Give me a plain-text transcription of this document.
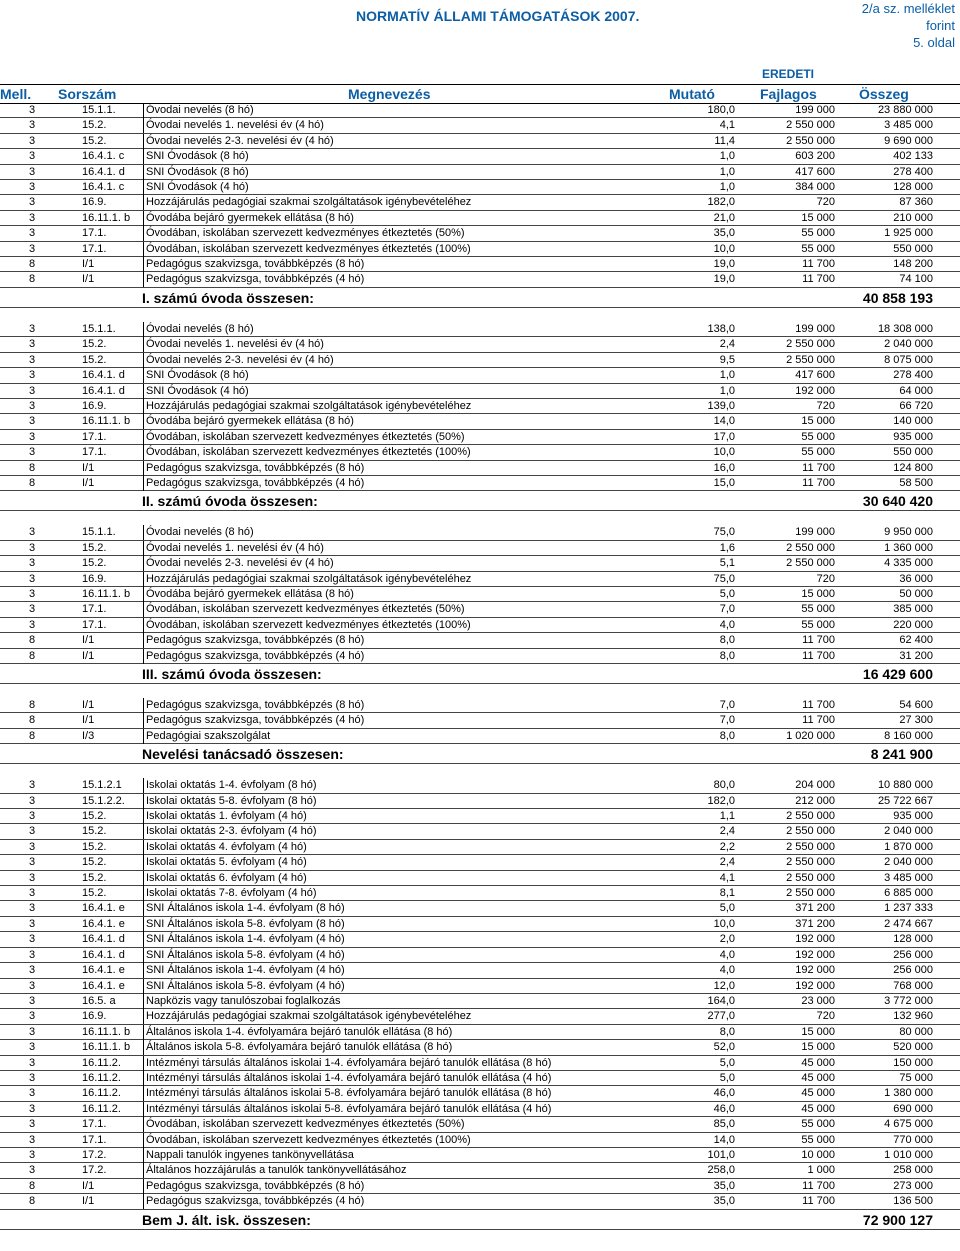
NORMATÍV ÁLLAMI TÁMOGATÁSOK 2007.	2/a sz. melléklet
forint
5. oldal
EREDETI
Mell. Sorszám	Megnevezés	Mutató	Fajlagos	Összeg
3	15.1.1.	Óvodai nevelés (8 hó)	180,0	199 000	23 880 000
3	15.2.	Óvodai nevelés 1. nevelési év (4 hó)	4,1	2 550 000	3 485 000
3	15.2.	Óvodai nevelés 2-3. nevelési év (4 hó)	11,4	2 550 000	9 690 000
3	16.4.1. c SNI Óvodások (8 hó)	1,0	603 200	402 133
3	16.4.1. d SNI Óvodások (8 hó)	1,0	417 600	278 400
3	16.4.1. c SNI Óvodások (4 hó)	1,0	384 000	128 000
3	16.9.	Hozzájárulás pedagógiai szakmai szolgáltatások igénybevételéhez	182,0	720	87 360
3	16.11.1. b Óvodába bejáró gyermekek ellátása (8 hó)	21,0	15 000	210 000
3	17.1.	Óvodában, iskolában szervezett kedvezményes étkeztetés (50%)	35,0	55 000	1 925 000
3	17.1.	Óvodában, iskolában szervezett kedvezményes étkeztetés (100%)	10,0	55 000	550 000
8	I/1	Pedagógus szakvizsga, továbbképzés (8 hó)	19,0	11 700	148 200
8	I/1	Pedagógus szakvizsga, továbbképzés (4 hó)	19,0	11 700	74 100
I. számú óvoda összesen:	40 858 193
3	15.1.1.	Óvodai nevelés (8 hó)	138,0	199 000	18 308 000
3	15.2.	Óvodai nevelés 1. nevelési év (4 hó)	2,4	2 550 000	2 040 000
3	15.2.	Óvodai nevelés 2-3. nevelési év (4 hó)	9,5	2 550 000	8 075 000
3	16.4.1. d SNI Óvodások (8 hó)	1,0	417 600	278 400
3	16.4.1. d SNI Óvodások (4 hó)	1,0	192 000	64 000
3	16.9.	Hozzájárulás pedagógiai szakmai szolgáltatások igénybevételéhez	139,0	720	66 720
3	16.11.1. b Óvodába bejáró gyermekek ellátása (8 hó)	14,0	15 000	140 000
3	17.1.	Óvodában, iskolában szervezett kedvezményes étkeztetés (50%)	17,0	55 000	935 000
3	17.1.	Óvodában, iskolában szervezett kedvezményes étkeztetés (100%)	10,0	55 000	550 000
8	I/1	Pedagógus szakvizsga, továbbképzés (8 hó)	16,0	11 700	124 800
8	I/1	Pedagógus szakvizsga, továbbképzés (4 hó)	15,0	11 700	58 500
II. számú óvoda összesen:	30 640 420
3	15.1.1.	Óvodai nevelés (8 hó)	75,0	199 000	9 950 000
3	15.2.	Óvodai nevelés 1. nevelési év (4 hó)	1,6	2 550 000	1 360 000
3	15.2.	Óvodai nevelés 2-3. nevelési év (4 hó)	5,1	2 550 000	4 335 000
3	16.9.	Hozzájárulás pedagógiai szakmai szolgáltatások igénybevételéhez	75,0	720	36 000
3	16.11.1. b Óvodába bejáró gyermekek ellátása (8 hó)	5,0	15 000	50 000
3	17.1.	Óvodában, iskolában szervezett kedvezményes étkeztetés (50%)	7,0	55 000	385 000
3	17.1.	Óvodában, iskolában szervezett kedvezményes étkeztetés (100%)	4,0	55 000	220 000
8	I/1	Pedagógus szakvizsga, továbbképzés (8 hó)	8,0	11 700	62 400
8	I/1	Pedagógus szakvizsga, továbbképzés (4 hó)	8,0	11 700	31 200
III. számú óvoda összesen:	16 429 600
8	I/1	Pedagógus szakvizsga, továbbképzés (8 hó)	7,0	11 700	54 600
8	I/1	Pedagógus szakvizsga, továbbképzés (4 hó)	7,0	11 700	27 300
8	I/3	Pedagógiai szakszolgálat	8,0	1 020 000	8 160 000
Nevelési tanácsadó összesen:	8 241 900
3	15.1.2.1 Iskolai oktatás 1-4. évfolyam (8 hó)	80,0	204 000	10 880 000
3	15.1.2.2. Iskolai oktatás 5-8. évfolyam (8 hó)	182,0	212 000	25 722 667
3	15.2.	Iskolai oktatás 1. évfolyam (4 hó)	1,1	2 550 000	935 000
3	15.2.	Iskolai oktatás 2-3. évfolyam (4 hó)	2,4	2 550 000	2 040 000
3	15.2.	Iskolai oktatás 4. évfolyam (4 hó)	2,2	2 550 000	1 870 000
3	15.2.	Iskolai oktatás 5. évfolyam (4 hó)	2,4	2 550 000	2 040 000
3	15.2.	Iskolai oktatás 6. évfolyam (4 hó)	4,1	2 550 000	3 485 000
3	15.2.	Iskolai oktatás 7-8. évfolyam (4 hó)	8,1	2 550 000	6 885 000
3	16.4.1. e SNI Általános iskola 1-4. évfolyam (8 hó)	5,0	371 200	1 237 333
3	16.4.1. e SNI Általános iskola 5-8. évfolyam (8 hó)	10,0	371 200	2 474 667
3	16.4.1. d SNI Általános iskola 1-4. évfolyam (4 hó)	2,0	192 000	128 000
3	16.4.1. d SNI Általános iskola 5-8. évfolyam (4 hó)	4,0	192 000	256 000
3	16.4.1. e SNI Általános iskola 1-4. évfolyam (4 hó)	4,0	192 000	256 000
3	16.4.1. e SNI Általános iskola 5-8. évfolyam (4 hó)	12,0	192 000	768 000
3	16.5. a	Napközis vagy tanulószobai foglalkozás	164,0	23 000	3 772 000
3	16.9.	Hozzájárulás pedagógiai szakmai szolgáltatások igénybevételéhez	277,0	720	132 960
3	16.11.1. b Általános iskola 1-4. évfolyamára bejáró tanulók ellátása (8 hó)	8,0	15 000	80 000
3	16.11.1. b Általános iskola 5-8. évfolyamára bejáró tanulók ellátása (8 hó)	52,0	15 000	520 000
3	16.11.2. Intézményi társulás általános iskolai 1-4. évfolyamára bejáró tanulók ellátása (8 hó)	5,0	45 000	150 000
3	16.11.2. Intézményi társulás általános iskolai 1-4. évfolyamára bejáró tanulók ellátása (4 hó)	5,0	45 000	75 000
3	16.11.2. Intézményi társulás általános iskolai 5-8. évfolyamára bejáró tanulók ellátása (8 hó)	46,0	45 000	1 380 000
3	16.11.2. Intézményi társulás általános iskolai 5-8. évfolyamára bejáró tanulók ellátása (4 hó)	46,0	45 000	690 000
3	17.1.	Óvodában, iskolában szervezett kedvezményes étkeztetés (50%)	85,0	55 000	4 675 000
3	17.1.	Óvodában, iskolában szervezett kedvezményes étkeztetés (100%)	14,0	55 000	770 000
3	17.2.	Nappali tanulók ingyenes tankönyvellátása	101,0	10 000	1 010 000
3	17.2.	Általános hozzájárulás a tanulók tankönyvellátásához	258,0	1 000	258 000
8	I/1	Pedagógus szakvizsga, továbbképzés (8 hó)	35,0	11 700	273 000
8	I/1	Pedagógus szakvizsga, továbbképzés (4 hó)	35,0	11 700	136 500
Bem J. ált. isk. összesen:	72 900 127
